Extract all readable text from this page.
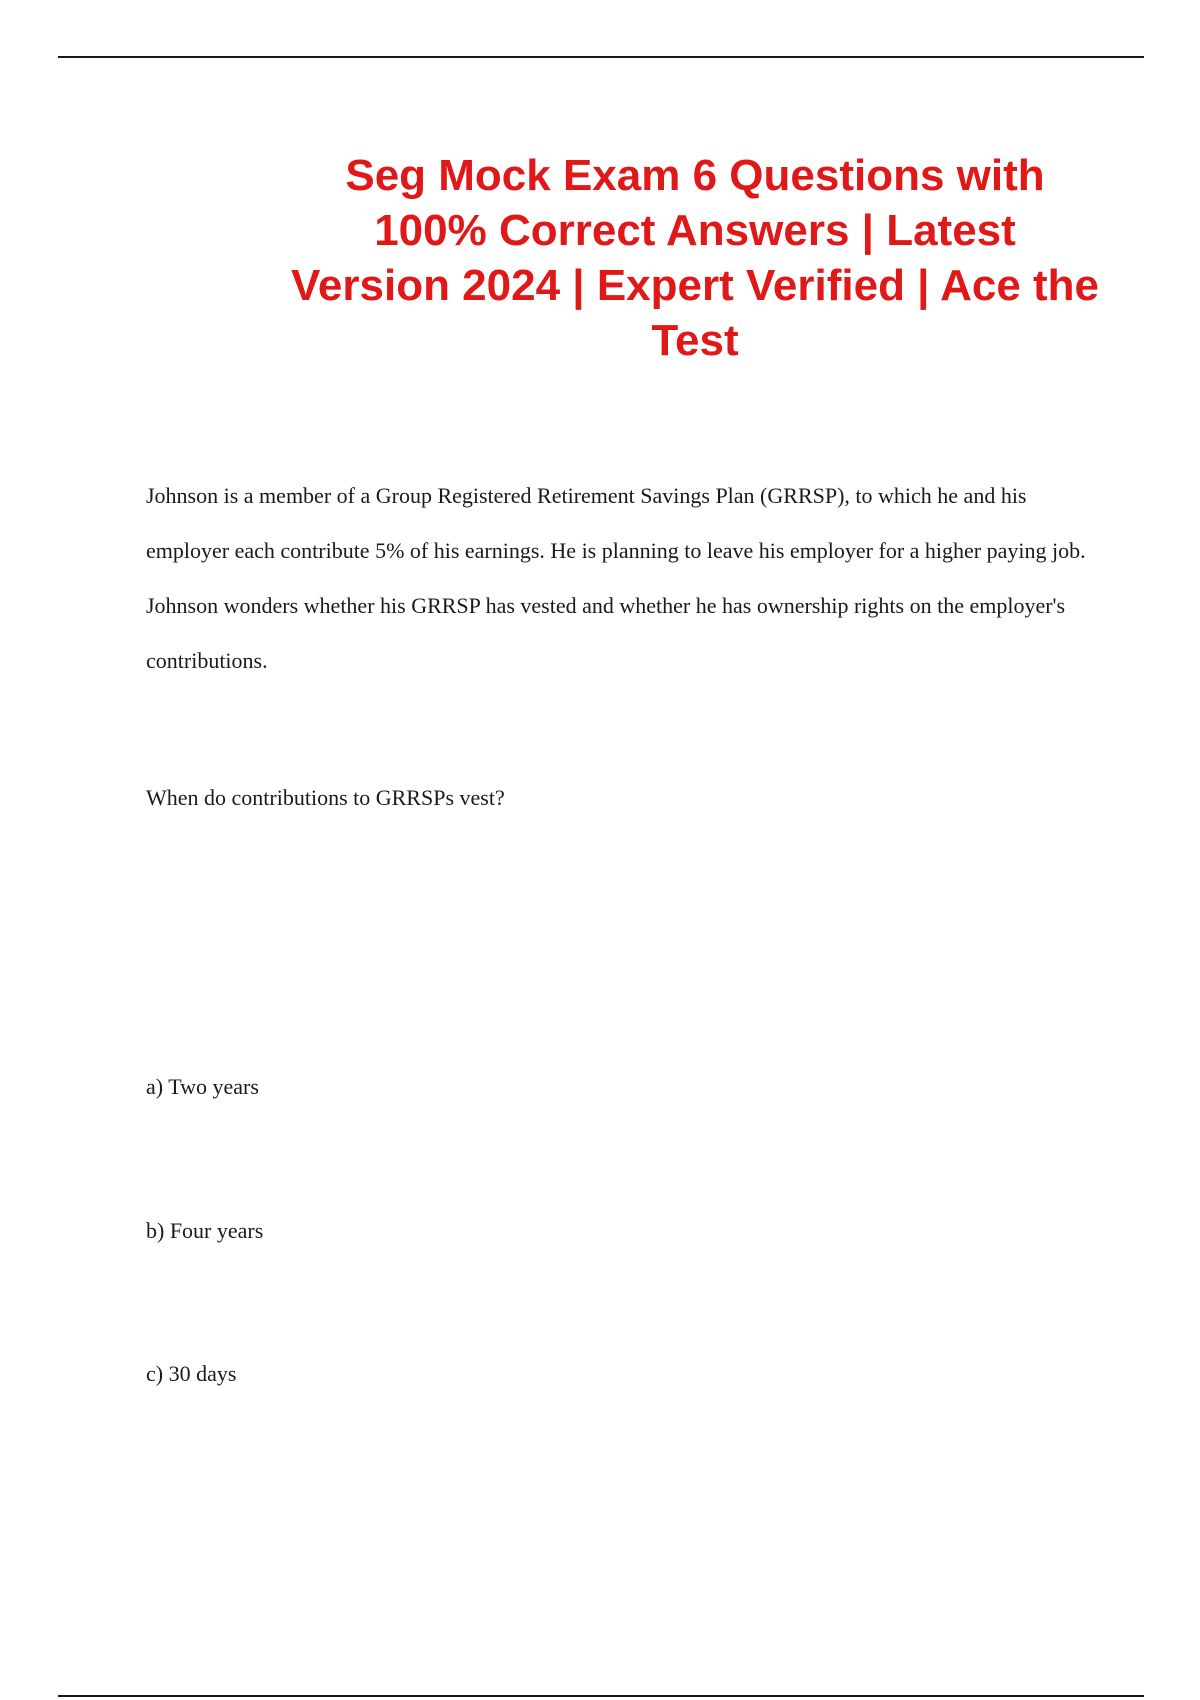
Seg Mock Exam 6 Questions with 100% Correct Answers | Latest Version 2024 | Expert Verified | Ace the Test

Johnson is a member of a Group Registered Retirement Savings Plan (GRRSP), to which he and his employer each contribute 5% of his earnings. He is planning to leave his employer for a higher paying job. Johnson wonders whether his GRRSP has vested and whether he has ownership rights on the employer's contributions.

When do contributions to GRRSPs vest?

a) Two years

b) Four years

c) 30 days
